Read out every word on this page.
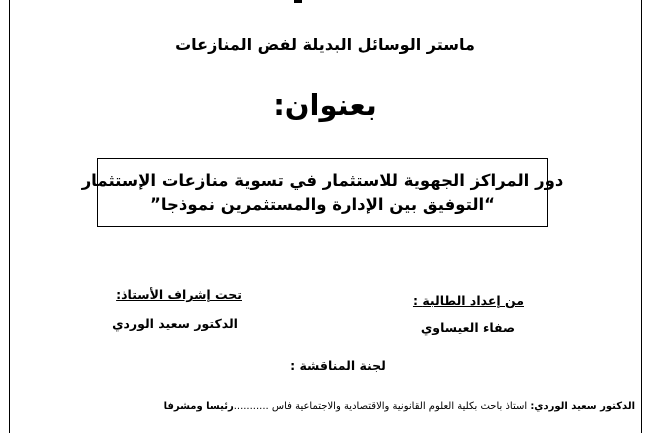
ماستر الوسائل البديلة لفض المنازعات
بعنوان:
دور المراكز الجهوية للاستثمار في تسوية منازعات الإستثمار
“التوفيق بين الإدارة والمستثمرين نموذجا”
تحت إشراف الأستاذ:
الدكتور سعيد الوردي
من إعداد الطالبة :
صفاء العيساوي
لجنة المناقشة :
الدكتور سعيد الوردي: استاذ باحث بكلية العلوم القانونية والاقتصادية والاجتماعية فاس ...........رئيسا ومشرفا
